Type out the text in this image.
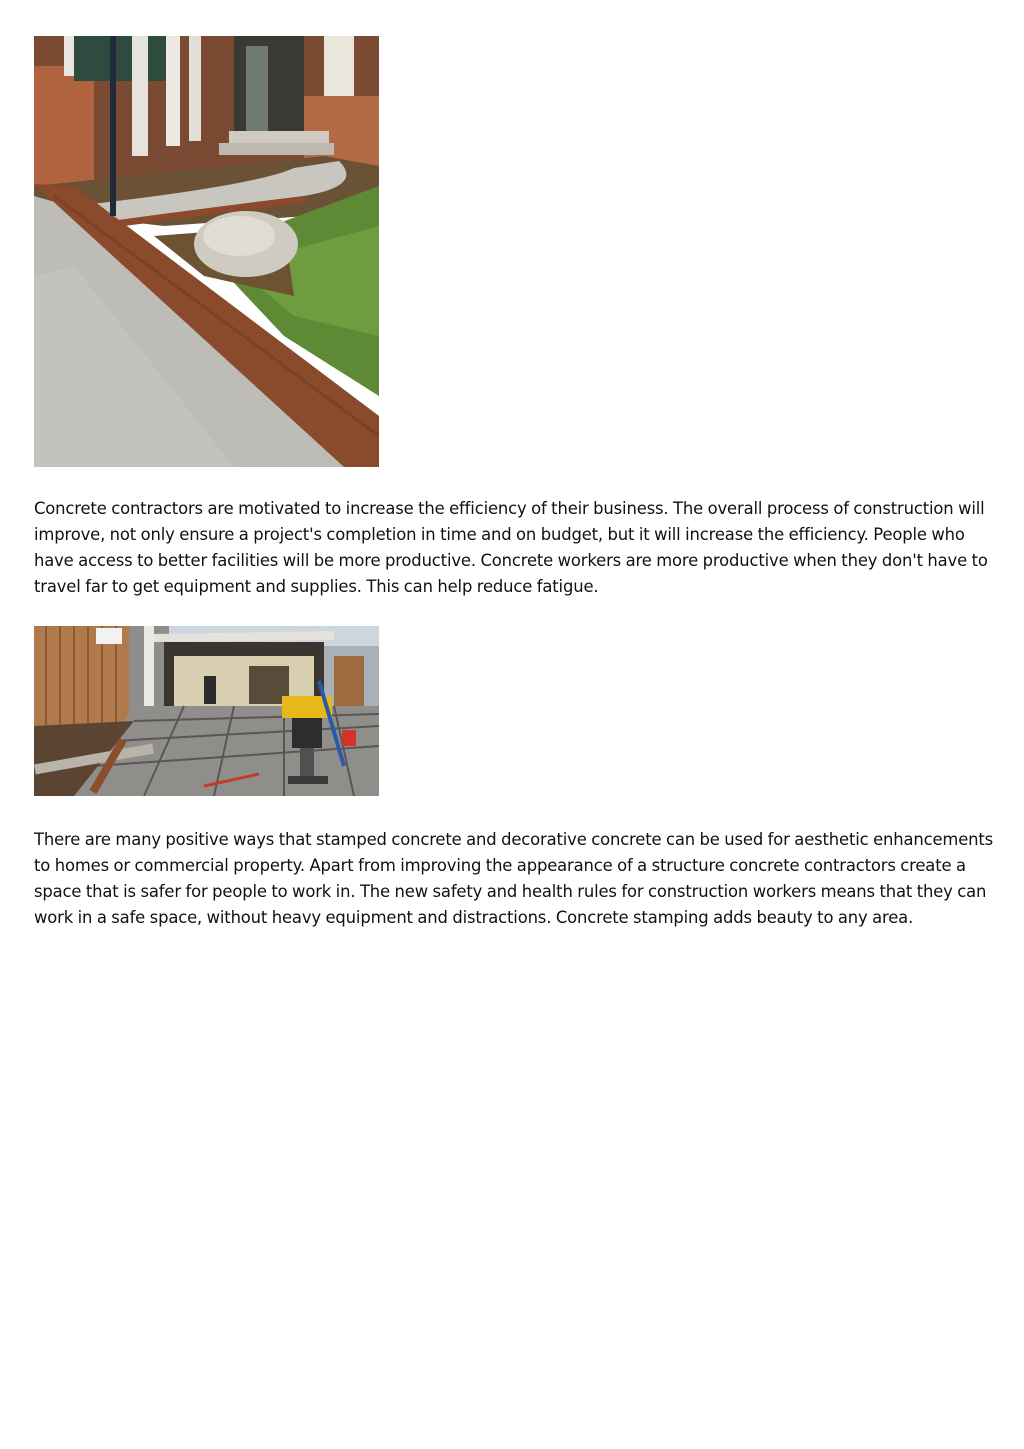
Concrete contractors are motivated to increase the efficiency of their business. The overall process of construction will improve, not only ensure a project's completion in time and on budget, but it will increase the efficiency. People who have access to better facilities will be more productive. Concrete workers are more productive when they don't have to travel far to get equipment and supplies. This can help reduce fatigue.

There are many positive ways that stamped concrete and decorative concrete can be used for aesthetic enhancements to homes or commercial property. Apart from improving the appearance of a structure concrete contractors create a space that is safer for people to work in. The new safety and health rules for construction workers means that they can work in a safe space, without heavy equipment and distractions. Concrete stamping adds beauty to any area.
